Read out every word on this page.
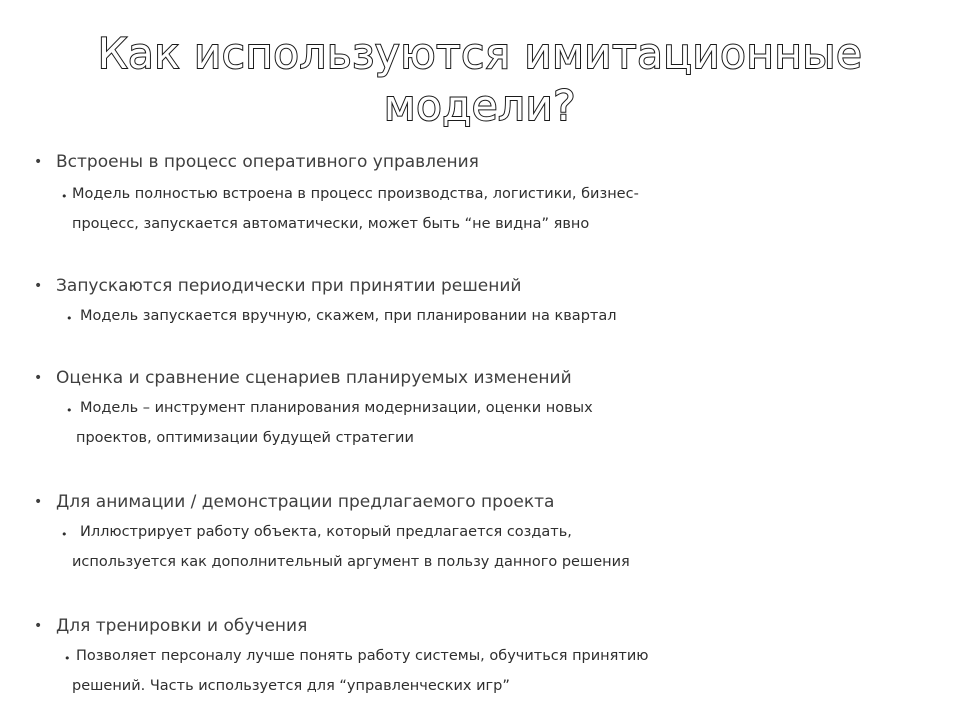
Как используются имитационные
модели?
• Встроены в процесс оперативного управления
• Модель полностью встроена в процесс производства, логистики, бизнес-
процесс, запускается автоматически, может быть “не видна” явно
• Запускаются периодически при принятии решений
• Модель запускается вручную, скажем, при планировании на квартал
• Оценка и сравнение сценариев планируемых изменений
• Модель – инструмент планирования модернизации, оценки новых
проектов, оптимизации будущей стратегии
• Для анимации / демонстрации предлагаемого проекта
• Иллюстрирует работу объекта, который предлагается создать,
используется как дополнительный аргумент в пользу данного решения
• Для тренировки и обучения
• Позволяет персоналу лучше понять работу системы, обучиться принятию
решений. Часть используется для “управленческих игр”
